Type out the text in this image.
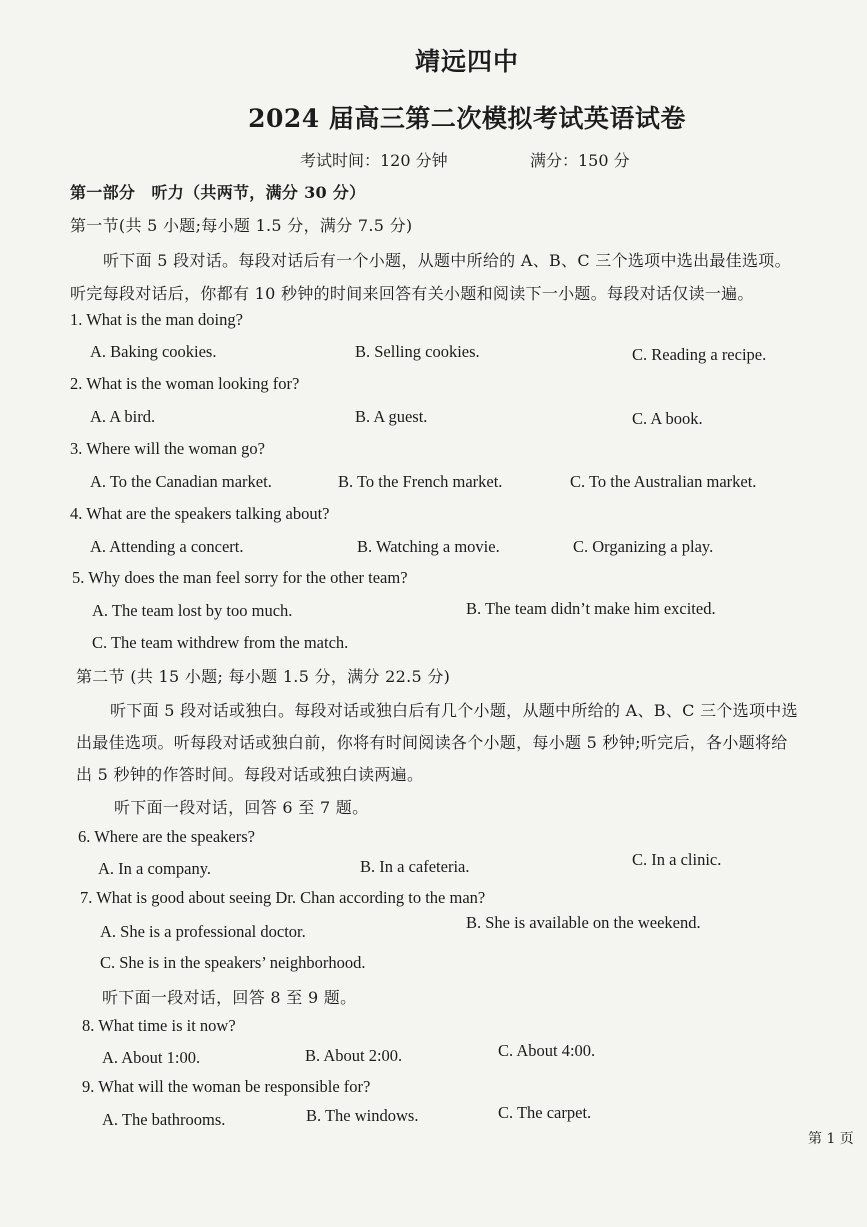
靖远四中
2024 届高三第二次模拟考试英语试卷
考试时间：120 分钟	满分：150 分
第一部分　听力（共两节，满分 30 分）
第一节(共 5 小题;每小题 1.5 分，满分 7.5 分)
听下面 5 段对话。每段对话后有一个小题，从题中所给的 A、B、C 三个选项中选出最佳选项。
听完每段对话后，你都有 10 秒钟的时间来回答有关小题和阅读下一小题。每段对话仅读一遍。
1. What is the man doing?
A. Baking cookies.	B. Selling cookies.	C. Reading a recipe.
2. What is the woman looking for?
A. A bird.	B. A guest.	C. A book.
3. Where will the woman go?
A. To the Canadian market.	B. To the French market.	C. To the Australian market.
4. What are the speakers talking about?
A. Attending a concert.	B. Watching a movie.	C. Organizing a play.
5. Why does the man feel sorry for the other team?
A. The team lost by too much.	B. The team didn’t make him excited.
C. The team withdrew from the match.
第二节 (共 15 小题; 每小题 1.5 分，满分 22.5 分)
听下面 5 段对话或独白。每段对话或独白后有几个小题，从题中所给的 A、B、C 三个选项中选
出最佳选项。听每段对话或独白前，你将有时间阅读各个小题，每小题 5 秒钟;听完后，各小题将给
出 5 秒钟的作答时间。每段对话或独白读两遍。
听下面一段对话，回答 6 至 7 题。
6. Where are the speakers?
A. In a company.	B. In a cafeteria.	C. In a clinic.
7. What is good about seeing Dr. Chan according to the man?
A. She is a professional doctor.	B. She is available on the weekend.
C. She is in the speakers’ neighborhood.
听下面一段对话，回答 8 至 9 题。
8. What time is it now?
A. About 1:00.	B. About 2:00.	C. About 4:00.
9. What will the woman be responsible for?
A. The bathrooms.	B. The windows.	C. The carpet.
第 1 页
